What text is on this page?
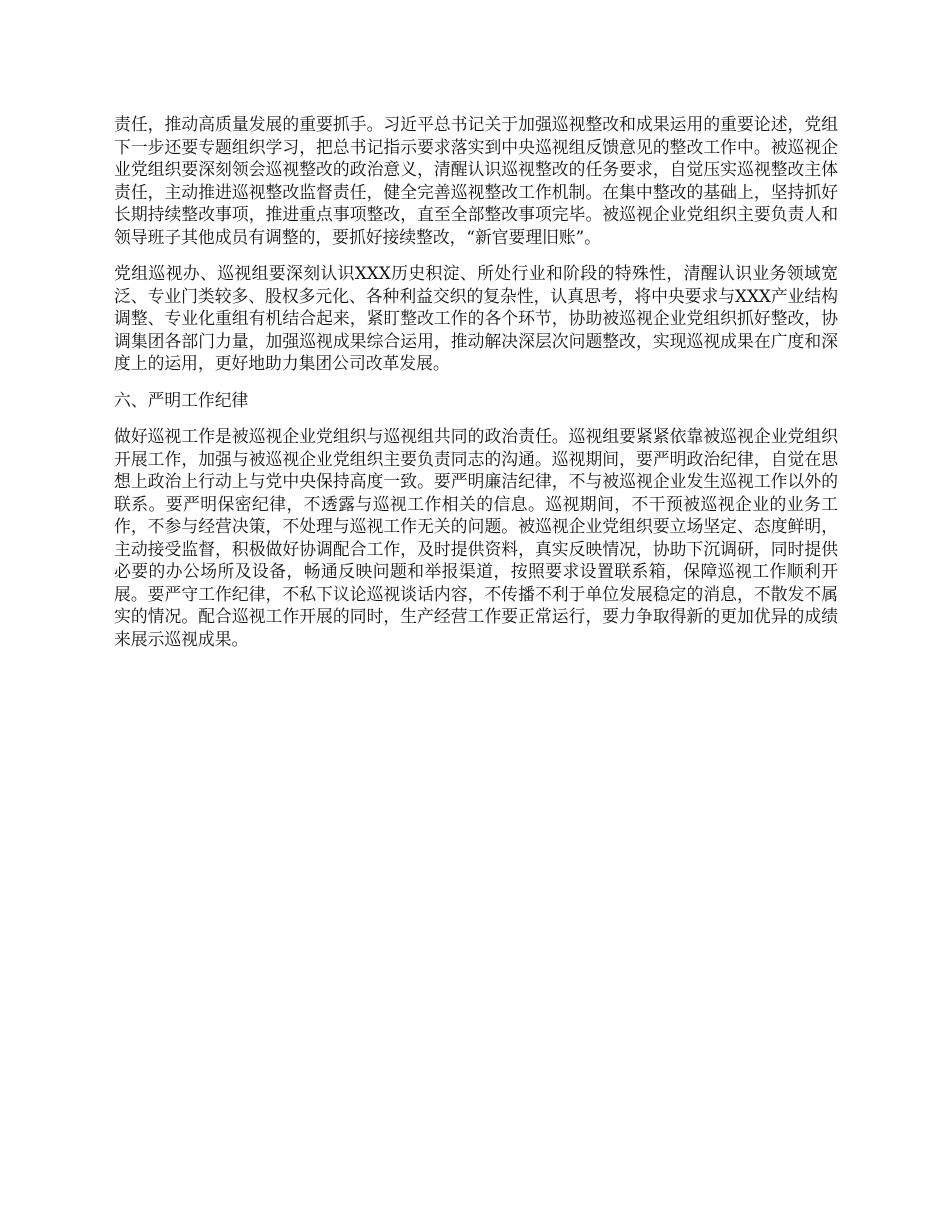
责任，推动高质量发展的重要抓手。习近平总书记关于加强巡视整改和成果运用的重要论述，党组下一步还要专题组织学习，把总书记指示要求落实到中央巡视组反馈意见的整改工作中。被巡视企业党组织要深刻领会巡视整改的政治意义，清醒认识巡视整改的任务要求，自觉压实巡视整改主体责任，主动推进巡视整改监督责任，健全完善巡视整改工作机制。在集中整改的基础上，坚持抓好长期持续整改事项，推进重点事项整改，直至全部整改事项完毕。被巡视企业党组织主要负责人和领导班子其他成员有调整的，要抓好接续整改，“新官要理旧账”。

党组巡视办、巡视组要深刻认识XXX历史积淀、所处行业和阶段的特殊性，清醒认识业务领域宽泛、专业门类较多、股权多元化、各种利益交织的复杂性，认真思考，将中央要求与XXX产业结构调整、专业化重组有机结合起来，紧盯整改工作的各个环节，协助被巡视企业党组织抓好整改，协调集团各部门力量，加强巡视成果综合运用，推动解决深层次问题整改，实现巡视成果在广度和深度上的运用，更好地助力集团公司改革发展。

六、严明工作纪律

做好巡视工作是被巡视企业党组织与巡视组共同的政治责任。巡视组要紧紧依靠被巡视企业党组织开展工作，加强与被巡视企业党组织主要负责同志的沟通。巡视期间，要严明政治纪律，自觉在思想上政治上行动上与党中央保持高度一致。要严明廉洁纪律，不与被巡视企业发生巡视工作以外的联系。要严明保密纪律，不透露与巡视工作相关的信息。巡视期间，不干预被巡视企业的业务工作，不参与经营决策，不处理与巡视工作无关的问题。被巡视企业党组织要立场坚定、态度鲜明，主动接受监督，积极做好协调配合工作，及时提供资料，真实反映情况，协助下沉调研，同时提供必要的办公场所及设备，畅通反映问题和举报渠道，按照要求设置联系箱，保障巡视工作顺利开展。要严守工作纪律，不私下议论巡视谈话内容，不传播不利于单位发展稳定的消息，不散发不属实的情况。配合巡视工作开展的同时，生产经营工作要正常运行，要力争取得新的更加优异的成绩来展示巡视成果。
